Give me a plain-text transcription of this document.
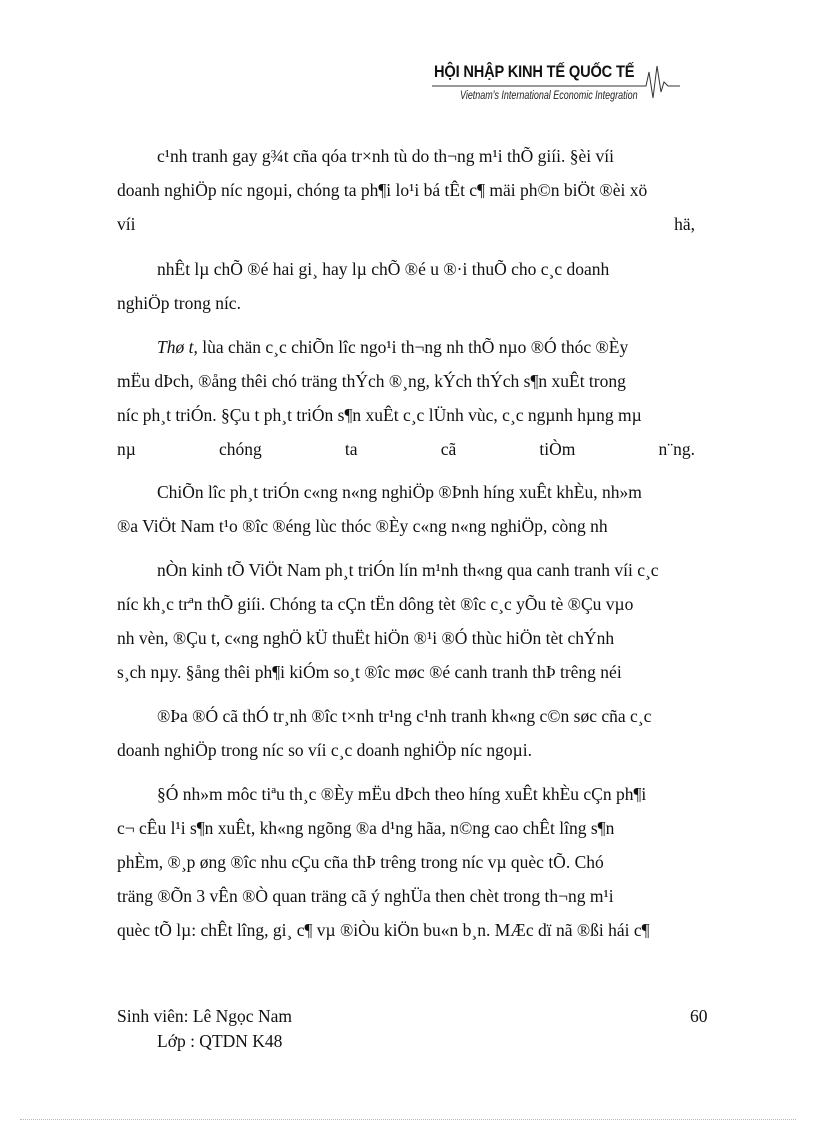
HỘI NHẬP KINH TẾ QUỐC TẾ
Vietnam's International Economic Integration
c¹nh tranh gay g¾t cña qóa tr×nh tù do th¬ng m¹i thÕ giíi. §èi víi
doanh nghiÖp níc ngoµi, chóng ta ph¶i lo¹i bá tÊt c¶ mäi ph©n biÖt ®èi xö
víi	hä,
nhÊt lµ chÕ ®é hai gi¸ hay lµ chÕ ®é u ®·i thuÕ cho c¸c doanh
nghiÖp trong níc.
Thø t, lùa chän c¸c chiÕn lîc ngo¹i th¬ng nh thÕ nµo ®Ó thóc ®Èy
mËu dÞch, ®ång thêi chó träng thÝch ®¸ng, kÝch thÝch s¶n xuÊt trong
níc ph¸t triÓn. §Çu t ph¸t triÓn s¶n xuÊt c¸c lÜnh vùc, c¸c ngµnh hµng mµ
nµ	chóng	ta	cã	tiÒm	n¨ng.
ChiÕn lîc ph¸t triÓn c«ng n«ng nghiÖp ®Þnh híng xuÊt khÈu, nh»m
®a ViÖt Nam t¹o ®îc ®éng lùc thóc ®Èy c«ng n«ng nghiÖp, còng nh
nÒn kinh tÕ ViÖt Nam ph¸t triÓn lín m¹nh th«ng qua canh tranh víi c¸c
níc kh¸c trªn thÕ giíi. Chóng ta cÇn tËn dông tèt ®îc c¸c yÕu tè ®Çu vµo
nh vèn, ®Çu t, c«ng nghÖ kÜ thuËt hiÖn ®¹i ®Ó thùc hiÖn tèt chÝnh
s¸ch nµy. §ång thêi ph¶i kiÓm so¸t ®îc møc ®é canh tranh thÞ trêng néi
®Þa ®Ó cã thÓ tr¸nh ®îc t×nh tr¹ng c¹nh tranh kh«ng c©n søc cña c¸c
doanh nghiÖp trong níc so víi c¸c doanh nghiÖp níc ngoµi.
§Ó nh»m môc tiªu th¸c ®Èy mËu dÞch theo híng xuÊt khÈu cÇn ph¶i
c¬ cÊu l¹i s¶n xuÊt, kh«ng ngõng ®a d¹ng hãa, n©ng cao chÊt lîng s¶n
phÈm, ®¸p øng ®îc nhu cÇu cña thÞ trêng trong níc vµ quèc tÕ. Chó
träng ®Õn 3 vÊn ®Ò quan träng cã ý nghÜa then chèt trong th¬ng m¹i
quèc tÕ lµ: chÊt lîng, gi¸ c¶ vµ ®iÒu kiÖn bu«n b¸n. MÆc dï nã ®ßi hái c¶
Sinh viên: Lê Ngọc Nam
Lớp : QTDN K48
60
